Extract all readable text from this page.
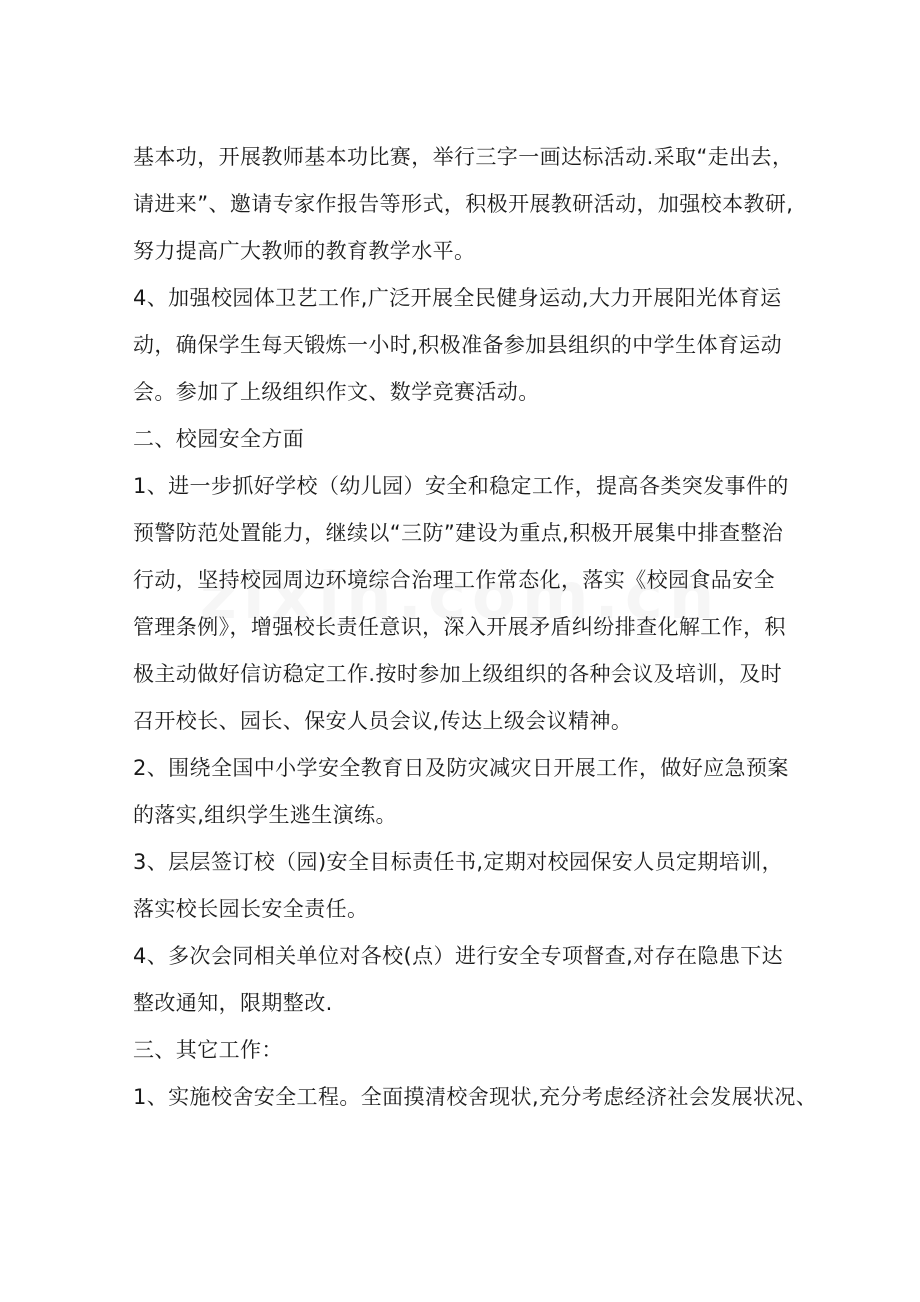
基本功，开展教师基本功比赛，举行三字一画达标活动.采取“走出去，
请进来”、邀请专家作报告等形式，积极开展教研活动，加强校本教研,
努力提高广大教师的教育教学水平。
4、加强校园体卫艺工作,广泛开展全民健身运动,大力开展阳光体育运
动，确保学生每天锻炼一小时,积极准备参加县组织的中学生体育运动
会。参加了上级组织作文、数学竞赛活动。
二、校园安全方面
1、进一步抓好学校（幼儿园）安全和稳定工作，提高各类突发事件的
预警防范处置能力，继续以“三防”建设为重点,积极开展集中排查整治
行动，坚持校园周边环境综合治理工作常态化，落实《校园食品安全
管理条例》，增强校长责任意识，深入开展矛盾纠纷排查化解工作，积
极主动做好信访稳定工作.按时参加上级组织的各种会议及培训，及时
召开校长、园长、保安人员会议,传达上级会议精神。
2、围绕全国中小学安全教育日及防灾减灾日开展工作，做好应急预案
的落实,组织学生逃生演练。
3、层层签订校（园)安全目标责任书,定期对校园保安人员定期培训，
落实校长园长安全责任。
4、多次会同相关单位对各校(点）进行安全专项督查,对存在隐患下达
整改通知，限期整改.
三、其它工作：
1、实施校舍安全工程。全面摸清校舍现状,充分考虑经济社会发展状况、
